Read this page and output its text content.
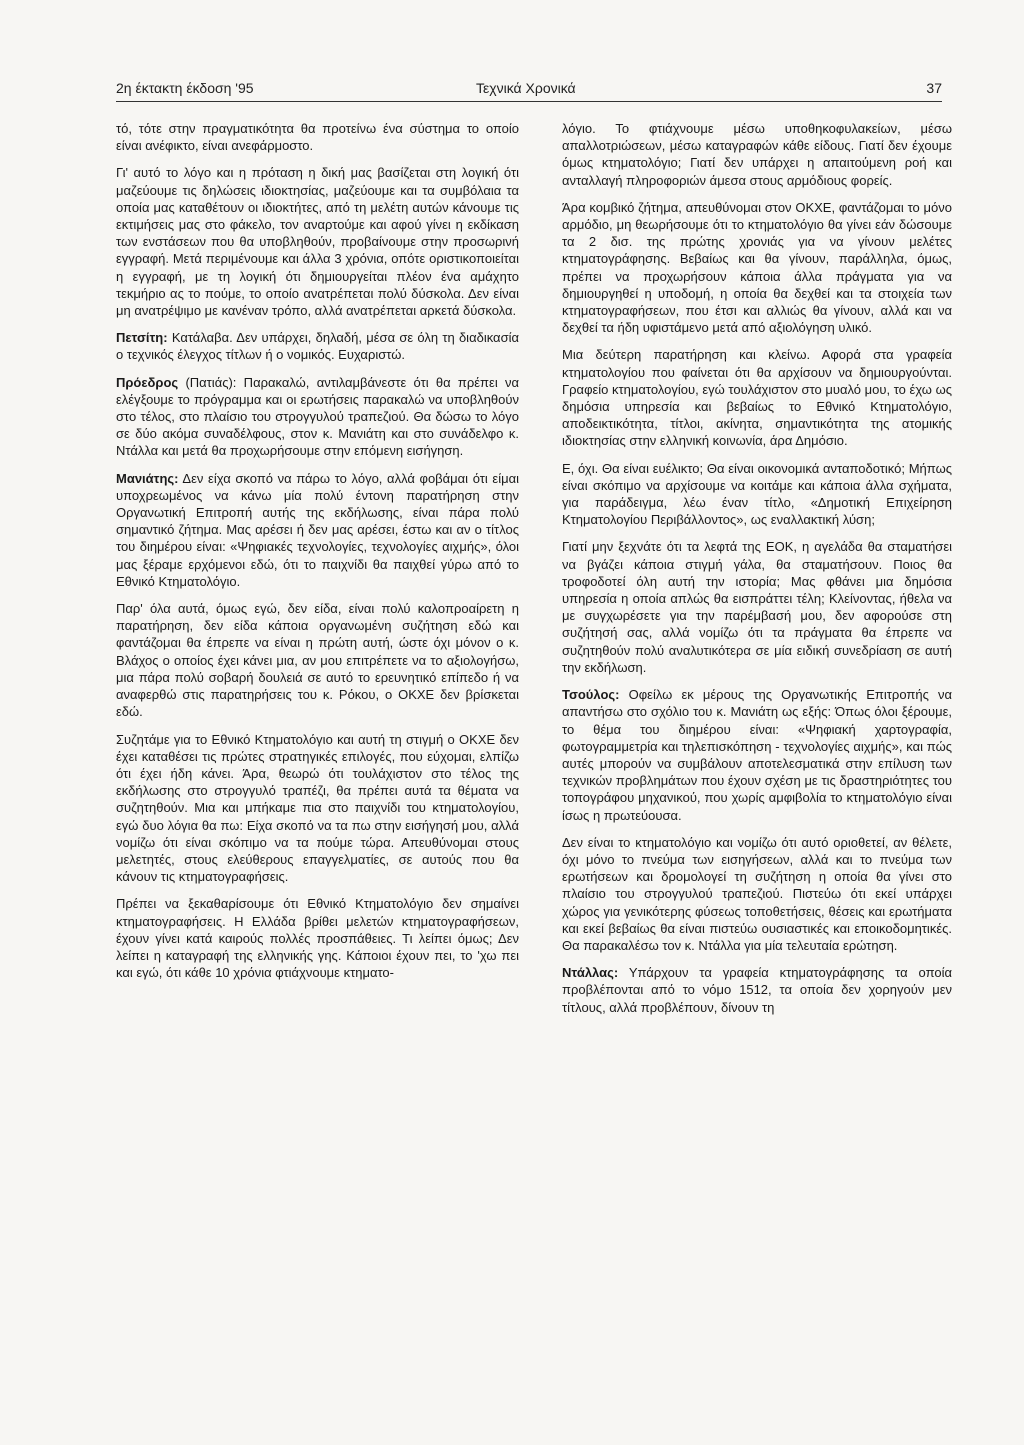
2η έκτακτη έκδοση '95	Τεχνικά Χρονικά	37

τό, τότε στην πραγματικότητα θα προτείνω ένα σύστημα το οποίο είναι ανέφικτο, είναι ανεφάρμοστο.

Γι' αυτό το λόγο και η πρόταση η δική μας βασίζεται στη λογική ότι μαζεύουμε τις δηλώσεις ιδιοκτησίας, μαζεύουμε και τα συμβόλαια τα οποία μας καταθέτουν οι ιδιοκτήτες, από τη μελέτη αυτών κάνουμε τις εκτιμήσεις μας στο φάκελο, τον αναρτούμε και αφού γίνει η εκδίκαση των ενστάσεων που θα υποβληθούν, προβαίνουμε στην προσωρινή εγγραφή. Μετά περιμένουμε και άλλα 3 χρόνια, οπότε οριστικοποιείται η εγγραφή, με τη λογική ότι δημιουργείται πλέον ένα αμάχητο τεκμήριο ας το πούμε, το οποίο ανατρέπεται πολύ δύσκολα. Δεν είναι μη ανατρέψιμο με κανέναν τρόπο, αλλά ανατρέπεται αρκετά δύσκολα.

Πετσίτη: Κατάλαβα. Δεν υπάρχει, δηλαδή, μέσα σε όλη τη διαδικασία ο τεχνικός έλεγχος τίτλων ή ο νομικός. Ευχαριστώ.

Πρόεδρος (Πατιάς): Παρακαλώ, αντιλαμβάνεστε ότι θα πρέπει να ελέγξουμε το πρόγραμμα και οι ερωτήσεις παρακαλώ να υποβληθούν στο τέλος, στο πλαίσιο του στρογγυλού τραπεζιού. Θα δώσω το λόγο σε δύο ακόμα συναδέλφους, στον κ. Μανιάτη και στο συνάδελφο κ. Ντάλλα και μετά θα προχωρήσουμε στην επόμενη εισήγηση.

Μανιάτης: Δεν είχα σκοπό να πάρω το λόγο, αλλά φοβάμαι ότι είμαι υποχρεωμένος να κάνω μία πολύ έντονη παρατήρηση στην Οργανωτική Επιτροπή αυτής της εκδήλωσης, είναι πάρα πολύ σημαντικό ζήτημα. Μας αρέσει ή δεν μας αρέσει, έστω και αν ο τίτλος του διημέρου είναι: «Ψηφιακές τεχνολογίες, τεχνολογίες αιχμής», όλοι μας ξέραμε ερχόμενοι εδώ, ότι το παιχνίδι θα παιχθεί γύρω από το Εθνικό Κτηματολόγιο.

Παρ' όλα αυτά, όμως εγώ, δεν είδα, είναι πολύ καλοπροαίρετη η παρατήρηση, δεν είδα κάποια οργανωμένη συζήτηση εδώ και φαντάζομαι θα έπρεπε να είναι η πρώτη αυτή, ώστε όχι μόνον ο κ. Βλάχος ο οποίος έχει κάνει μια, αν μου επιτρέπετε να το αξιολογήσω, μια πάρα πολύ σοβαρή δουλειά σε αυτό το ερευνητικό επίπεδο ή να αναφερθώ στις παρατηρήσεις του κ. Ρόκου, ο ΟΚΧΕ δεν βρίσκεται εδώ.

Συζητάμε για το Εθνικό Κτηματολόγιο και αυτή τη στιγμή ο ΟΚΧΕ δεν έχει καταθέσει τις πρώτες στρατηγικές επιλογές, που εύχομαι, ελπίζω ότι έχει ήδη κάνει. Άρα, θεωρώ ότι τουλάχιστον στο τέλος της εκδήλωσης στο στρογγυλό τραπέζι, θα πρέπει αυτά τα θέματα να συζητηθούν. Μια και μπήκαμε πια στο παιχνίδι του κτηματολογίου, εγώ δυο λόγια θα πω: Είχα σκοπό να τα πω στην εισήγησή μου, αλλά νομίζω ότι είναι σκόπιμο να τα πούμε τώρα. Απευθύνομαι στους μελετητές, στους ελεύθερους επαγγελματίες, σε αυτούς που θα κάνουν τις κτηματογραφήσεις.

Πρέπει να ξεκαθαρίσουμε ότι Εθνικό Κτηματολόγιο δεν σημαίνει κτηματογραφήσεις. Η Ελλάδα βρίθει μελετών κτηματογραφήσεων, έχουν γίνει κατά καιρούς πολλές προσπάθειες. Τι λείπει όμως; Δεν λείπει η καταγραφή της ελληνικής γης. Κάποιοι έχουν πει, το 'χω πει και εγώ, ότι κάθε 10 χρόνια φτιάχνουμε κτηματο-

λόγιο. Το φτιάχνουμε μέσω υποθηκοφυλακείων, μέσω απαλλοτριώσεων, μέσω καταγραφών κάθε είδους. Γιατί δεν έχουμε όμως κτηματολόγιο; Γιατί δεν υπάρχει η απαιτούμενη ροή και ανταλλαγή πληροφοριών άμεσα στους αρμόδιους φορείς.

Άρα κομβικό ζήτημα, απευθύνομαι στον ΟΚΧΕ, φαντάζομαι το μόνο αρμόδιο, μη θεωρήσουμε ότι το κτηματολόγιο θα γίνει εάν δώσουμε τα 2 δισ. της πρώτης χρονιάς για να γίνουν μελέτες κτηματογράφησης. Βεβαίως και θα γίνουν, παράλληλα, όμως, πρέπει να προχωρήσουν κάποια άλλα πράγματα για να δημιουργηθεί η υποδομή, η οποία θα δεχθεί και τα στοιχεία των κτηματογραφήσεων, που έτσι και αλλιώς θα γίνουν, αλλά και να δεχθεί τα ήδη υφιστάμενο μετά από αξιολόγηση υλικό.

Μια δεύτερη παρατήρηση και κλείνω. Αφορά στα γραφεία κτηματολογίου που φαίνεται ότι θα αρχίσουν να δημιουργούνται. Γραφείο κτηματολογίου, εγώ τουλάχιστον στο μυαλό μου, το έχω ως δημόσια υπηρεσία και βεβαίως το Εθνικό Κτηματολόγιο, αποδεικτικότητα, τίτλοι, ακίνητα, σημαντικότητα της ατομικής ιδιοκτησίας στην ελληνική κοινωνία, άρα Δημόσιο.

Ε, όχι. Θα είναι ευέλικτο; Θα είναι οικονομικά ανταποδοτικό; Μήπως είναι σκόπιμο να αρχίσουμε να κοιτάμε και κάποια άλλα σχήματα, για παράδειγμα, λέω έναν τίτλο, «Δημοτική Επιχείρηση Κτηματολογίου Περιβάλλοντος», ως εναλλακτική λύση;

Γιατί μην ξεχνάτε ότι τα λεφτά της ΕΟΚ, η αγελάδα θα σταματήσει να βγάζει κάποια στιγμή γάλα, θα σταματήσουν. Ποιος θα τροφοδοτεί όλη αυτή την ιστορία; Μας φθάνει μια δημόσια υπηρεσία η οποία απλώς θα εισπράττει τέλη; Κλείνοντας, ήθελα να με συγχωρέσετε για την παρέμβασή μου, δεν αφορούσε στη συζήτησή σας, αλλά νομίζω ότι τα πράγματα θα έπρεπε να συζητηθούν πολύ αναλυτικότερα σε μία ειδική συνεδρίαση σε αυτή την εκδήλωση.

Τσούλος: Οφείλω εκ μέρους της Οργανωτικής Επιτροπής να απαντήσω στο σχόλιο του κ. Μανιάτη ως εξής: Όπως όλοι ξέρουμε, το θέμα του διημέρου είναι: «Ψηφιακή χαρτογραφία, φωτογραμμετρία και τηλεπισκόπηση - τεχνολογίες αιχμής», και πώς αυτές μπορούν να συμβάλουν αποτελεσματικά στην επίλυση των τεχνικών προβλημάτων που έχουν σχέση με τις δραστηριότητες του τοπογράφου μηχανικού, που χωρίς αμφιβολία το κτηματολόγιο είναι ίσως η πρωτεύουσα.

Δεν είναι το κτηματολόγιο και νομίζω ότι αυτό οριοθετεί, αν θέλετε, όχι μόνο το πνεύμα των εισηγήσεων, αλλά και το πνεύμα των ερωτήσεων και δρομολογεί τη συζήτηση η οποία θα γίνει στο πλαίσιο του στρογγυλού τραπεζιού. Πιστεύω ότι εκεί υπάρχει χώρος για γενικότερης φύσεως τοποθετήσεις, θέσεις και ερωτήματα και εκεί βεβαίως θα είναι πιστεύω ουσιαστικές και εποικοδομητικές. Θα παρακαλέσω τον κ. Ντάλλα για μία τελευταία ερώτηση.

Ντάλλας: Υπάρχουν τα γραφεία κτηματογράφησης τα οποία προβλέπονται από το νόμο 1512, τα οποία δεν χορηγούν μεν τίτλους, αλλά προβλέπουν, δίνουν τη
